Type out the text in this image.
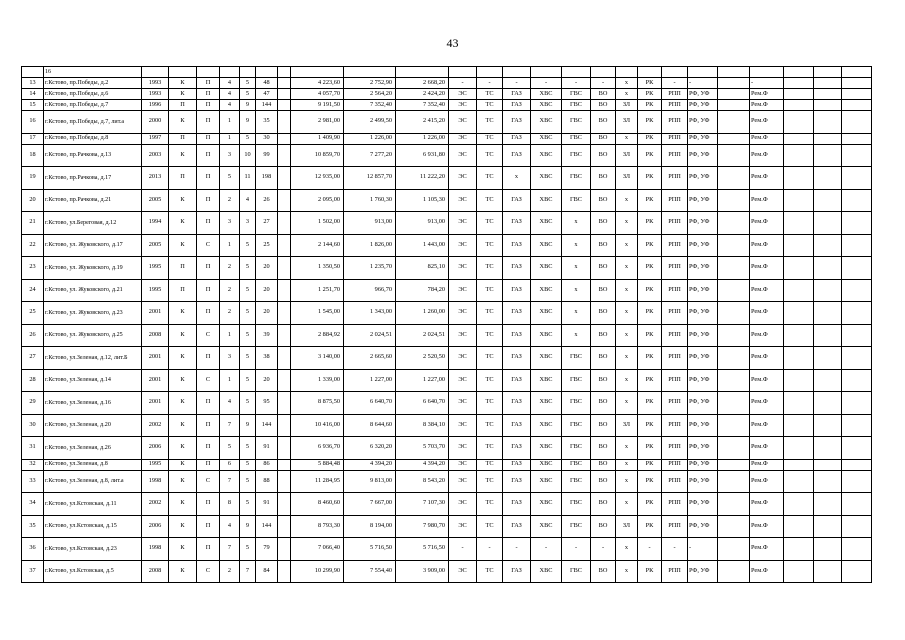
43
	16																									
13	г.Кстово, пр.Победы, д.2	1993	К	П	4	5	48		4 223,60	2 752,90	2 668,20	-	-	-	-	-	-	x	РК	-	-		-			
14	г.Кстово, пр.Победы, д.6	1993	К	П	4	5	47		4 057,70	2 564,20	2 424,20	ЭС	ТС	ГАЗ	ХВС	ГВС	ВО	x	РК	РПП	РФ, УФ		Рем.Ф			
15	г.Кстово, пр.Победы, д.7	1996	П	П	4	9	144		9 191,50	7 352,40	7 352,40	ЭС	ТС	ГАЗ	ХВС	ГВС	ВО	ЗЛ	РК	РПП	РФ, УФ		Рем.Ф			
16	г.Кстово, пр.Победы, д.7, лит.а	2000	К	П	1	9	35		2 981,00	2 499,50	2 415,20	ЭС	ТС	ГАЗ	ХВС	ГВС	ВО	ЗЛ	РК	РПП	РФ, УФ		Рем.Ф			
17	г.Кстово, пр.Победы, д.8	1997	П	П	1	5	30		1 409,90	1 226,00	1 226,00	ЭС	ТС	ГАЗ	ХВС	ГВС	ВО	x	РК	РПП	РФ, УФ		Рем.Ф			
18	г.Кстово, пр.Рачкова, д.13	2003	К	П	3	10	99		10 859,70	7 277,20	6 931,80	ЭС	ТС	ГАЗ	ХВС	ГВС	ВО	ЗЛ	РК	РПП	РФ, УФ		Рем.Ф			
19	г.Кстово, пр.Рачкова, д.17	2013	П	П	5	11	198		12 935,00	12 857,70	11 222,20	ЭС	ТС	x	ХВС	ГВС	ВО	ЗЛ	РК	РПП	РФ, УФ		Рем.Ф			
20	г.Кстово, пр.Рачкова, д.21	2005	К	П	2	4	26		2 095,00	1 760,30	1 105,30	ЭС	ТС	ГАЗ	ХВС	ГВС	ВО	x	РК	РПП	РФ, УФ		Рем.Ф			
21	г.Кстово, ул.Береговая, д.12	1994	К	П	3	3	27		1 502,00	913,00	913,00	ЭС	ТС	ГАЗ	ХВС	x	ВО	x	РК	РПП	РФ, УФ		Рем.Ф			
22	г.Кстово, ул. Жуковского, д.17	2005	К	С	1	5	25		2 144,60	1 826,00	1 443,00	ЭС	ТС	ГАЗ	ХВС	x	ВО	x	РК	РПП	РФ, УФ		Рем.Ф			
23	г.Кстово, ул. Жуковского, д.19	1995	П	П	2	5	20		1 350,50	1 235,70	825,10	ЭС	ТС	ГАЗ	ХВС	x	ВО	x	РК	РПП	РФ, УФ		Рем.Ф			
24	г.Кстово, ул. Жуковского, д.21	1995	П	П	2	5	20		1 251,70	966,70	784,20	ЭС	ТС	ГАЗ	ХВС	x	ВО	x	РК	РПП	РФ, УФ		Рем.Ф			
25	г.Кстово, ул. Жуковского, д.23	2001	К	П	2	5	20		1 545,00	1 343,00	1 260,00	ЭС	ТС	ГАЗ	ХВС	x	ВО	x	РК	РПП	РФ, УФ		Рем.Ф			
26	г.Кстово, ул. Жуковского, д.25	2008	К	С	1	5	39		2 884,92	2 024,51	2 024,51	ЭС	ТС	ГАЗ	ХВС	x	ВО	x	РК	РПП	РФ, УФ		Рем.Ф			
27	г.Кстово, ул.Зеленая, д.12, лит.Б	2001	К	П	3	5	38		3 140,00	2 665,60	2 520,50	ЭС	ТС	ГАЗ	ХВС	ГВС	ВО	x	РК	РПП	РФ, УФ		Рем.Ф			
28	г.Кстово, ул.Зеленая, д.14	2001	К	С	1	5	20		1 339,00	1 227,00	1 227,00	ЭС	ТС	ГАЗ	ХВС	ГВС	ВО	x	РК	РПП	РФ, УФ		Рем.Ф			
29	г.Кстово, ул.Зеленая, д.16	2001	К	П	4	5	95		8 875,50	6 640,70	6 640,70	ЭС	ТС	ГАЗ	ХВС	ГВС	ВО	x	РК	РПП	РФ, УФ		Рем.Ф			
30	г.Кстово, ул.Зеленая, д.20	2002	К	П	7	9	144		10 416,00	8 644,60	8 384,10	ЭС	ТС	ГАЗ	ХВС	ГВС	ВО	ЗЛ	РК	РПП	РФ, УФ		Рем.Ф			
31	г.Кстово, ул.Зеленая, д.26	2006	К	П	5	5	91		6 936,70	6 320,20	5 703,70	ЭС	ТС	ГАЗ	ХВС	ГВС	ВО	x	РК	РПП	РФ, УФ		Рем.Ф			
32	г.Кстово, ул.Зеленая, д.8	1995	К	П	6	5	86		5 884,48	4 394,20	4 394,20	ЭС	ТС	ГАЗ	ХВС	ГВС	ВО	x	РК	РПП	РФ, УФ		Рем.Ф			
33	г.Кстово, ул.Зеленая, д.8, лит.а	1998	К	С	7	5	88		11 284,95	9 813,00	8 543,20	ЭС	ТС	ГАЗ	ХВС	ГВС	ВО	x	РК	РПП	РФ, УФ		Рем.Ф			
34	г.Кстово, ул.Кстовская, д.11	2002	К	П	8	5	91		8 460,60	7 667,00	7 107,30	ЭС	ТС	ГАЗ	ХВС	ГВС	ВО	x	РК	РПП	РФ, УФ		Рем.Ф			
35	г.Кстово, ул.Кстовская, д.15	2006	К	П	4	9	144		8 793,30	8 194,00	7 980,70	ЭС	ТС	ГАЗ	ХВС	ГВС	ВО	ЗЛ	РК	РПП	РФ, УФ		Рем.Ф			
36	г.Кстово, ул.Кстовская, д.23	1998	К	П	7	5	79		7 066,40	5 716,50	5 716,50	-	-	-	-	-	-	x	-	-	-		Рем.Ф			
37	г.Кстово, ул.Кстовская, д.5	2008	К	С	2	7	84		10 299,90	7 554,40	3 909,00	ЭС	ТС	ГАЗ	ХВС	ГВС	ВО	x	РК	РПП	РФ, УФ		Рем.Ф			
